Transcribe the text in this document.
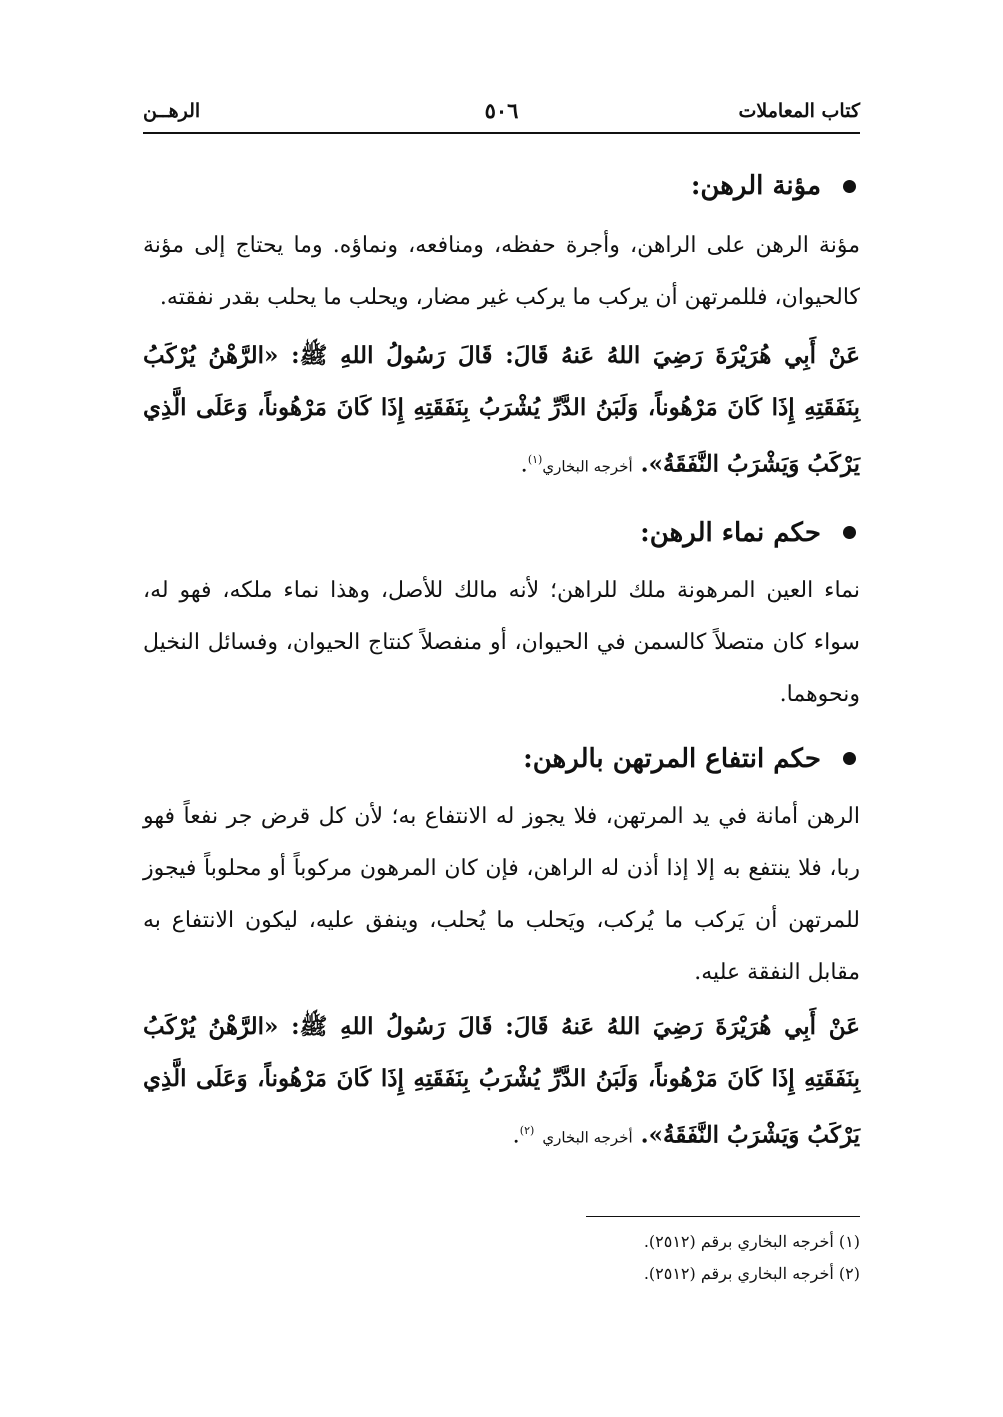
كتاب المعاملات
٥٠٦
الرهــن
مؤنة الرهن:

مؤنة الرهن على الراهن، وأجرة حفظه، ومنافعه، ونماؤه. وما يحتاج إلى مؤنة كالحيوان، فللمرتهن أن يركب ما يركب غير مضار، ويحلب ما يحلب بقدر نفقته.

عَنْ أَبِي هُرَيْرَةَ رَضِيَ اللهُ عَنهُ قَالَ: قَالَ رَسُولُ اللهِ ﷺ: «الرَّهْنُ يُرْكَبُ بِنَفَقَتِهِ إِذَا كَانَ مَرْهُوناً، وَلَبَنُ الدَّرِّ يُشْرَبُ بِنَفَقَتِهِ إِذَا كَانَ مَرْهُوناً، وَعَلَى الَّذِي يَرْكَبُ وَيَشْرَبُ النَّفَقَةُ». أخرجه البخاري$^{(١)}$.

حكم نماء الرهن:

نماء العين المرهونة ملك للراهن؛ لأنه مالك للأصل، وهذا نماء ملكه، فهو له، سواء كان متصلاً كالسمن في الحيوان، أو منفصلاً كنتاج الحيوان، وفسائل النخيل ونحوهما.

حكم انتفاع المرتهن بالرهن:

الرهن أمانة في يد المرتهن، فلا يجوز له الانتفاع به؛ لأن كل قرض جر نفعاً فهو ربا، فلا ينتفع به إلا إذا أذن له الراهن، فإن كان المرهون مركوباً أو محلوباً فيجوز للمرتهن أن يَركب ما يُركب، ويَحلب ما يُحلب، وينفق عليه، ليكون الانتفاع به مقابل النفقة عليه.

عَنْ أَبِي هُرَيْرَةَ رَضِيَ اللهُ عَنهُ قَالَ: قَالَ رَسُولُ اللهِ ﷺ: «الرَّهْنُ يُرْكَبُ بِنَفَقَتِهِ إِذَا كَانَ مَرْهُوناً، وَلَبَنُ الدَّرِّ يُشْرَبُ بِنَفَقَتِهِ إِذَا كَانَ مَرْهُوناً، وَعَلَى الَّذِي يَرْكَبُ وَيَشْرَبُ النَّفَقَةُ». أخرجه البخاري $^{(٢)}$.

(١) أخرجه البخاري برقم (٢٥١٢).

(٢) أخرجه البخاري برقم (٢٥١٢).
